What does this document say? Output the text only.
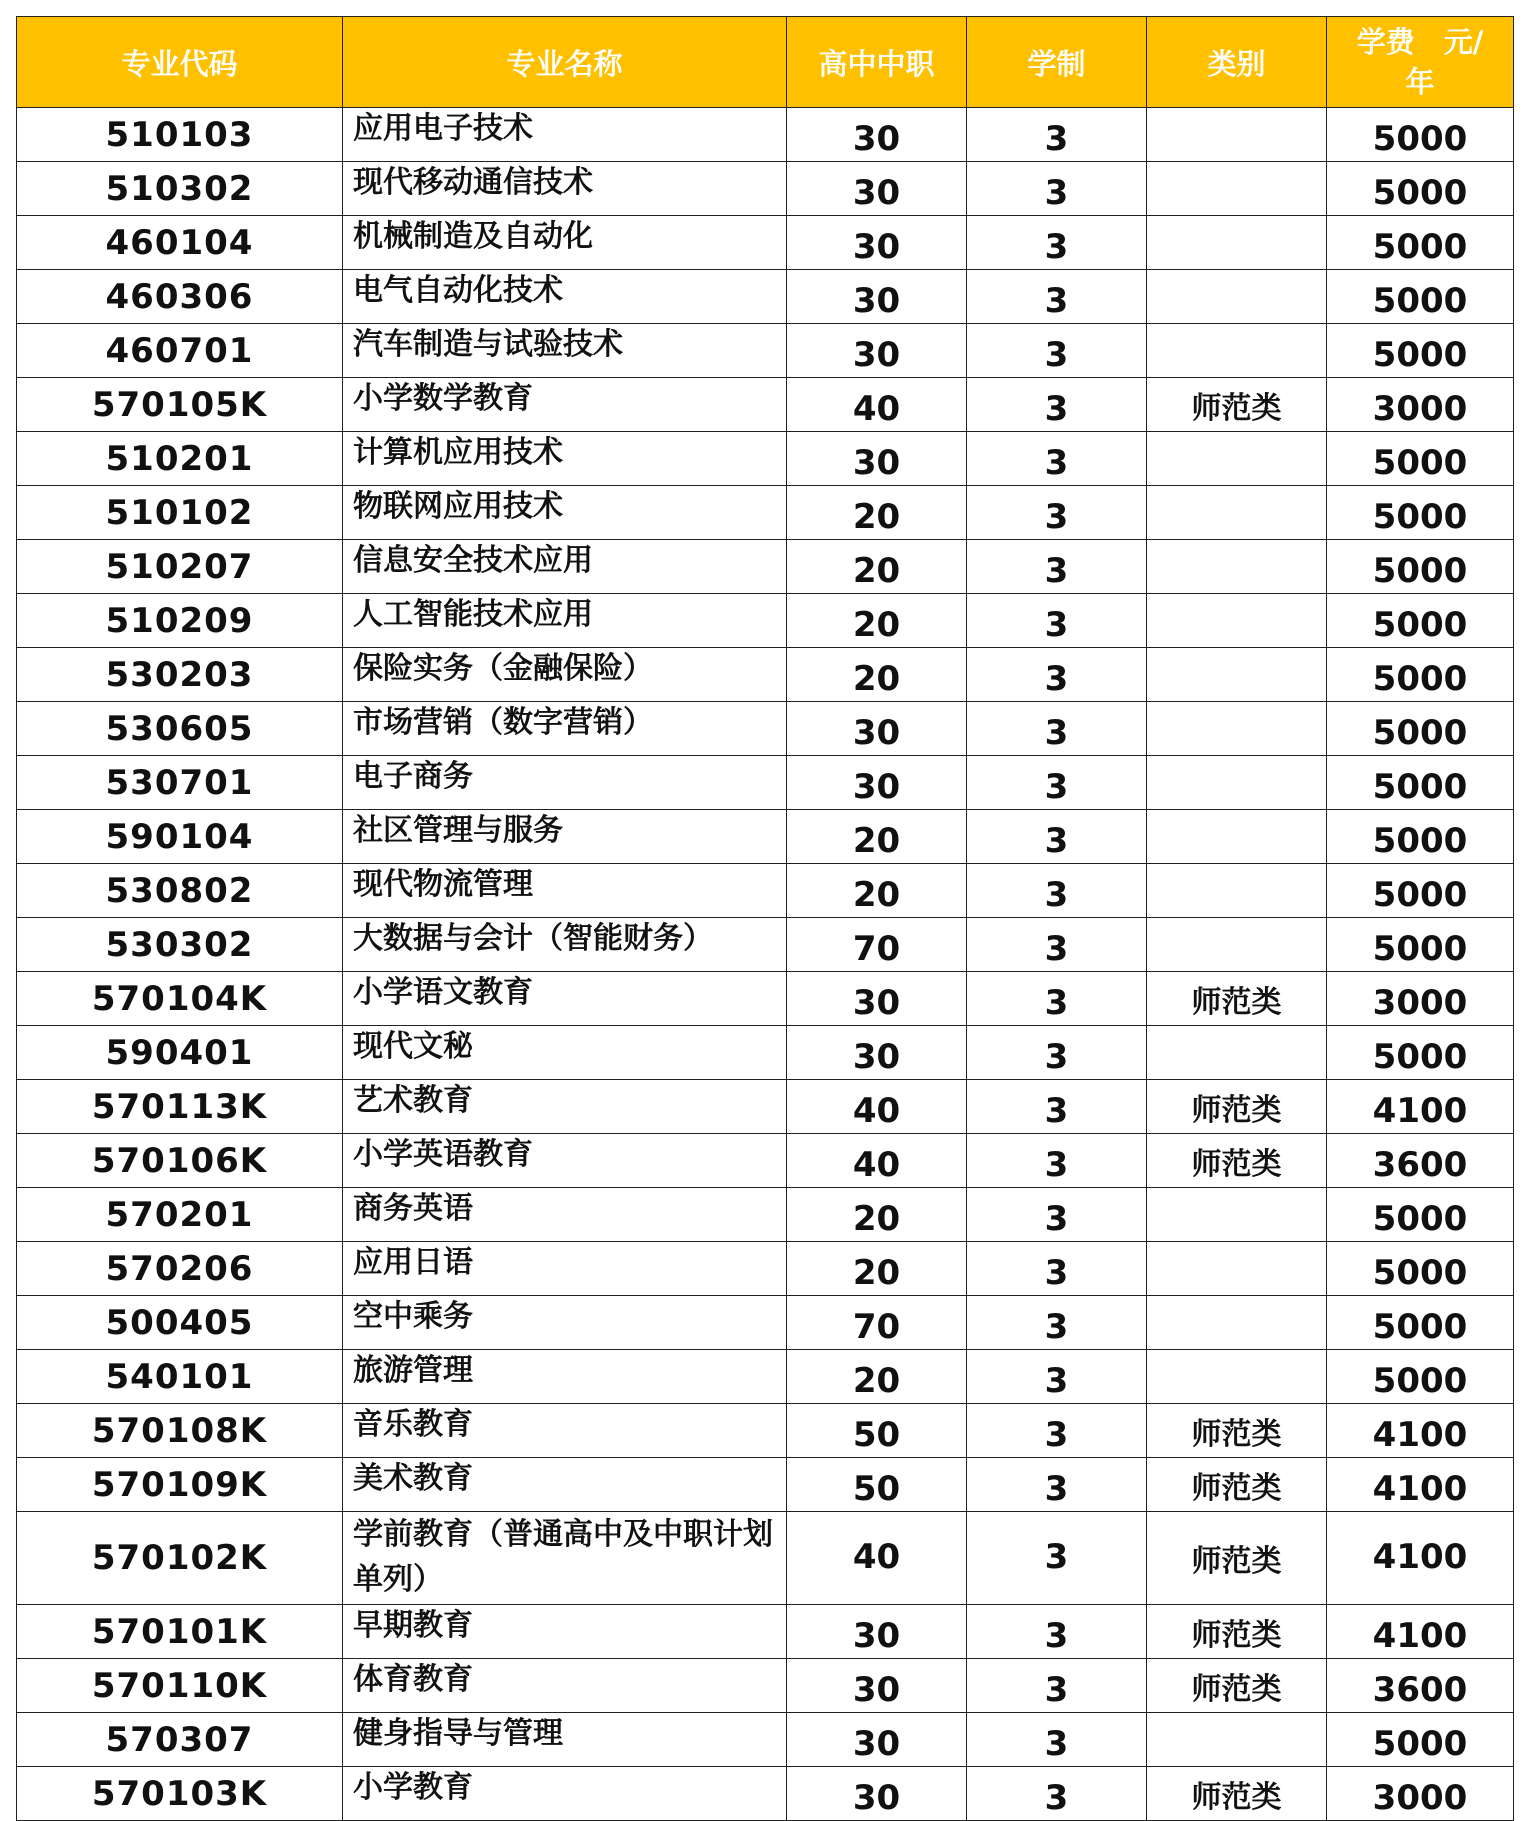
专业代码	专业名称	高中中职	学制	类别	学费　元/
年

510103	应用电子技术	30	3		5000
510302	现代移动通信技术	30	3		5000
460104	机械制造及自动化	30	3		5000
460306	电气自动化技术	30	3		5000
460701	汽车制造与试验技术	30	3		5000
570105K	小学数学教育	40	3	师范类	3000
510201	计算机应用技术	30	3		5000
510102	物联网应用技术	20	3		5000
510207	信息安全技术应用	20	3		5000
510209	人工智能技术应用	20	3		5000
530203	保险实务（金融保险）	20	3		5000
530605	市场营销（数字营销）	30	3		5000
530701	电子商务	30	3		5000
590104	社区管理与服务	20	3		5000
530802	现代物流管理	20	3		5000
530302	大数据与会计（智能财务）	70	3		5000
570104K	小学语文教育	30	3	师范类	3000
590401	现代文秘	30	3		5000
570113K	艺术教育	40	3	师范类	4100
570106K	小学英语教育	40	3	师范类	3600
570201	商务英语	20	3		5000
570206	应用日语	20	3		5000
500405	空中乘务	70	3		5000
540101	旅游管理	20	3		5000
570108K	音乐教育	50	3	师范类	4100
570109K	美术教育	50	3	师范类	4100
570102K	学前教育（普通高中及中职计划单列）	40	3	师范类	4100
570101K	早期教育	30	3	师范类	4100
570110K	体育教育	30	3	师范类	3600
570307	健身指导与管理	30	3		5000
570103K	小学教育	30	3	师范类	3000
